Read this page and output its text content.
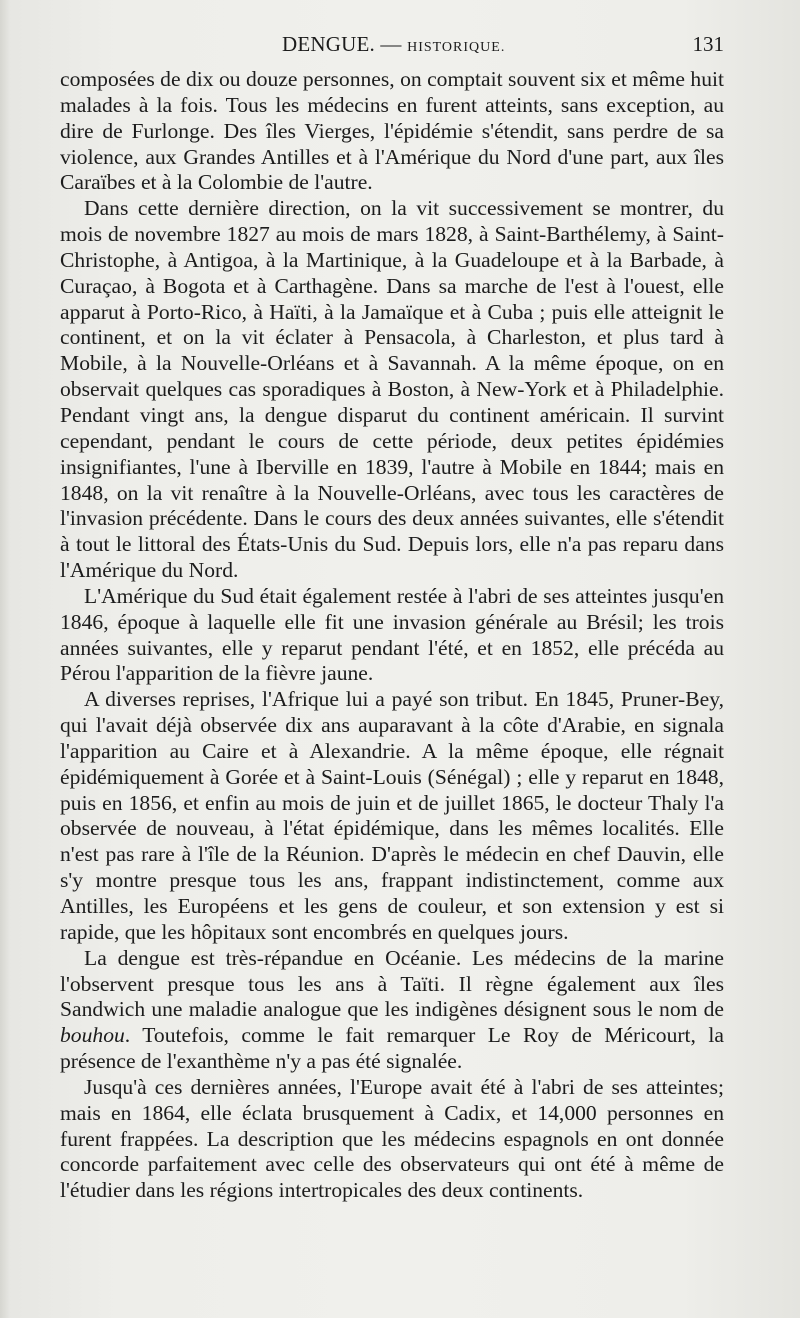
DENGUE. — HISTORIQUE.	131

composées de dix ou douze personnes, on comptait souvent six et même huit malades à la fois. Tous les médecins en furent atteints, sans exception, au dire de Furlonge. Des îles Vierges, l'épidémie s'étendit, sans perdre de sa violence, aux Grandes Antilles et à l'Amérique du Nord d'une part, aux îles Caraïbes et à la Colombie de l'autre.

Dans cette dernière direction, on la vit successivement se montrer, du mois de novembre 1827 au mois de mars 1828, à Saint-Barthélemy, à Saint-Christophe, à Antigoa, à la Martinique, à la Guadeloupe et à la Barbade, à Curaçao, à Bogota et à Carthagène. Dans sa marche de l'est à l'ouest, elle apparut à Porto-Rico, à Haïti, à la Jamaïque et à Cuba ; puis elle atteignit le continent, et on la vit éclater à Pensacola, à Charleston, et plus tard à Mobile, à la Nouvelle-Orléans et à Savannah. A la même époque, on en observait quelques cas sporadiques à Boston, à New-York et à Philadelphie. Pendant vingt ans, la dengue disparut du continent américain. Il survint cependant, pendant le cours de cette période, deux petites épidémies insignifiantes, l'une à Iberville en 1839, l'autre à Mobile en 1844; mais en 1848, on la vit renaître à la Nouvelle-Orléans, avec tous les caractères de l'invasion précédente. Dans le cours des deux années suivantes, elle s'étendit à tout le littoral des États-Unis du Sud. Depuis lors, elle n'a pas reparu dans l'Amérique du Nord.

L'Amérique du Sud était également restée à l'abri de ses atteintes jusqu'en 1846, époque à laquelle elle fit une invasion générale au Brésil; les trois années suivantes, elle y reparut pendant l'été, et en 1852, elle précéda au Pérou l'apparition de la fièvre jaune.

A diverses reprises, l'Afrique lui a payé son tribut. En 1845, Pruner-Bey, qui l'avait déjà observée dix ans auparavant à la côte d'Arabie, en signala l'apparition au Caire et à Alexandrie. A la même époque, elle régnait épidémiquement à Gorée et à Saint-Louis (Sénégal) ; elle y reparut en 1848, puis en 1856, et enfin au mois de juin et de juillet 1865, le docteur Thaly l'a observée de nouveau, à l'état épidémique, dans les mêmes localités. Elle n'est pas rare à l'île de la Réunion. D'après le médecin en chef Dauvin, elle s'y montre presque tous les ans, frappant indistinctement, comme aux Antilles, les Européens et les gens de couleur, et son extension y est si rapide, que les hôpitaux sont encombrés en quelques jours.

La dengue est très-répandue en Océanie. Les médecins de la marine l'observent presque tous les ans à Taïti. Il règne également aux îles Sandwich une maladie analogue que les indigènes désignent sous le nom de bouhou. Toutefois, comme le fait remarquer Le Roy de Méricourt, la présence de l'exanthème n'y a pas été signalée.

Jusqu'à ces dernières années, l'Europe avait été à l'abri de ses atteintes; mais en 1864, elle éclata brusquement à Cadix, et 14,000 personnes en furent frappées. La description que les médecins espagnols en ont donnée concorde parfaitement avec celle des observateurs qui ont été à même de l'étudier dans les régions intertropicales des deux continents.
